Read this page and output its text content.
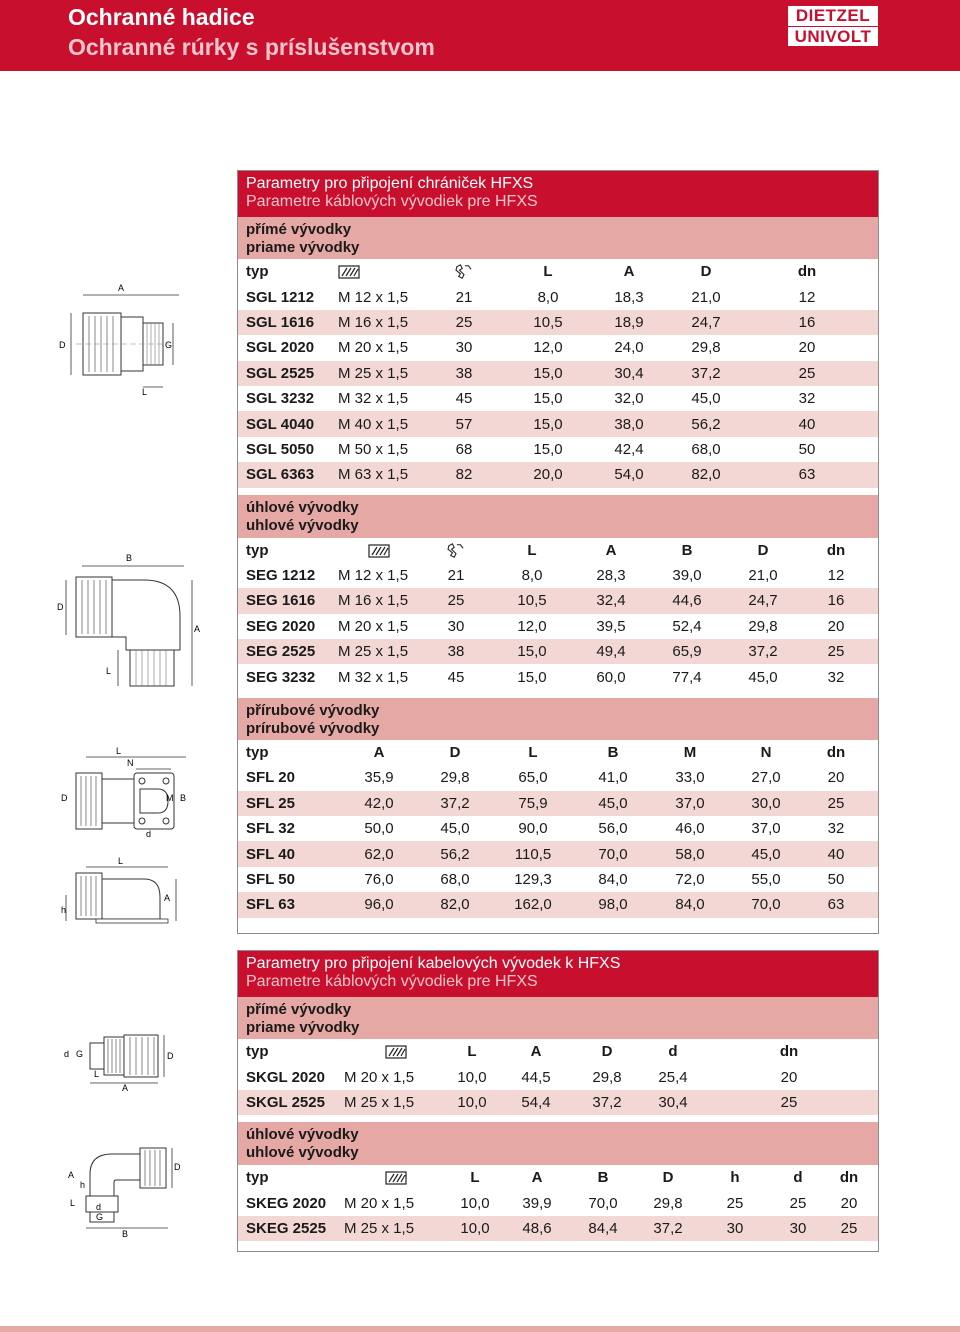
Ochranné hadice
Ochranné rúrky s príslušenstvom
DIETZEL
UNIVOLT
A
D	G
L
B
D
A
L
L
N
D	M B
d
L
h
A
d G	D
L
A
A
h
D
L d
G
B
Parametry pro připojení chrániček HFXS
Parametre káblových vývodiek pre HFXS
přímé vývodky
priame vývodky
typ	L	A	D	dn
SGL 1212	M 12 x 1,5	21	8,0	18,3	21,0	12
SGL 1616	M 16 x 1,5	25	10,5	18,9	24,7	16
SGL 2020	M 20 x 1,5	30	12,0	24,0	29,8	20
SGL 2525	M 25 x 1,5	38	15,0	30,4	37,2	25
SGL 3232	M 32 x 1,5	45	15,0	32,0	45,0	32
SGL 4040	M 40 x 1,5	57	15,0	38,0	56,2	40
SGL 5050	M 50 x 1,5	68	15,0	42,4	68,0	50
SGL 6363	M 63 x 1,5	82	20,0	54,0	82,0	63
úhlové vývodky
uhlové vývodky
typ	L	A	B	D	dn
SEG 1212	M 12 x 1,5	21	8,0	28,3	39,0	21,0	12
SEG 1616	M 16 x 1,5	25	10,5	32,4	44,6	24,7	16
SEG 2020	M 20 x 1,5	30	12,0	39,5	52,4	29,8	20
SEG 2525	M 25 x 1,5	38	15,0	49,4	65,9	37,2	25
SEG 3232	M 32 x 1,5	45	15,0	60,0	77,4	45,0	32
přírubové vývodky
prírubové vývodky
typ	A	D	L	B	M	N	dn
SFL 20	35,9	29,8	65,0	41,0	33,0	27,0	20
SFL 25	42,0	37,2	75,9	45,0	37,0	30,0	25
SFL 32	50,0	45,0	90,0	56,0	46,0	37,0	32
SFL 40	62,0	56,2	110,5	70,0	58,0	45,0	40
SFL 50	76,0	68,0	129,3	84,0	72,0	55,0	50
SFL 63	96,0	82,0	162,0	98,0	84,0	70,0	63
Parametry pro připojení kabelových vývodek k HFXS
Parametre káblových vývodiek pre HFXS
přímé vývodky
priame vývodky
typ	L	A	D	d	dn
SKGL 2020	M 20 x 1,5	10,0	44,5	29,8	25,4	20
SKGL 2525	M 25 x 1,5	10,0	54,4	37,2	30,4	25
úhlové vývodky
uhlové vývodky
typ	L	A	B	D	h	d	dn
SKEG 2020	M 20 x 1,5	10,0	39,9	70,0	29,8	25	25	20
SKEG 2525	M 25 x 1,5	10,0	48,6	84,4	37,2	30	30	25
